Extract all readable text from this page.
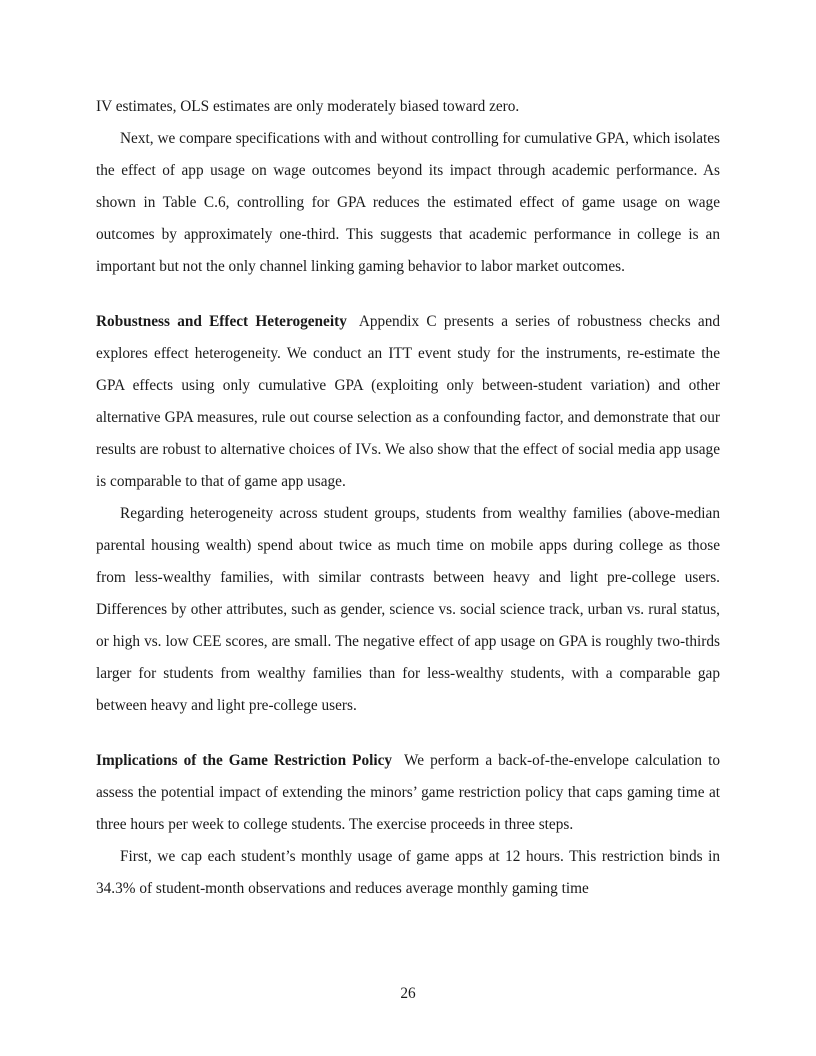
IV estimates, OLS estimates are only moderately biased toward zero.

Next, we compare specifications with and without controlling for cumulative GPA, which isolates the effect of app usage on wage outcomes beyond its impact through academic performance. As shown in Table C.6, controlling for GPA reduces the estimated effect of game usage on wage outcomes by approximately one-third. This suggests that academic performance in college is an important but not the only channel linking gaming behavior to labor market outcomes.

Robustness and Effect Heterogeneity Appendix C presents a series of robustness checks and explores effect heterogeneity. We conduct an ITT event study for the instruments, re-estimate the GPA effects using only cumulative GPA (exploiting only between-student variation) and other alternative GPA measures, rule out course selection as a confounding factor, and demonstrate that our results are robust to alternative choices of IVs. We also show that the effect of social media app usage is comparable to that of game app usage.

Regarding heterogeneity across student groups, students from wealthy families (above-median parental housing wealth) spend about twice as much time on mobile apps during college as those from less-wealthy families, with similar contrasts between heavy and light pre-college users. Differences by other attributes, such as gender, science vs. social science track, urban vs. rural status, or high vs. low CEE scores, are small. The negative effect of app usage on GPA is roughly two-thirds larger for students from wealthy families than for less-wealthy students, with a comparable gap between heavy and light pre-college users.

Implications of the Game Restriction Policy We perform a back-of-the-envelope calculation to assess the potential impact of extending the minors’ game restriction policy that caps gaming time at three hours per week to college students. The exercise proceeds in three steps.

First, we cap each student’s monthly usage of game apps at 12 hours. This restriction binds in 34.3% of student-month observations and reduces average monthly gaming time

26
